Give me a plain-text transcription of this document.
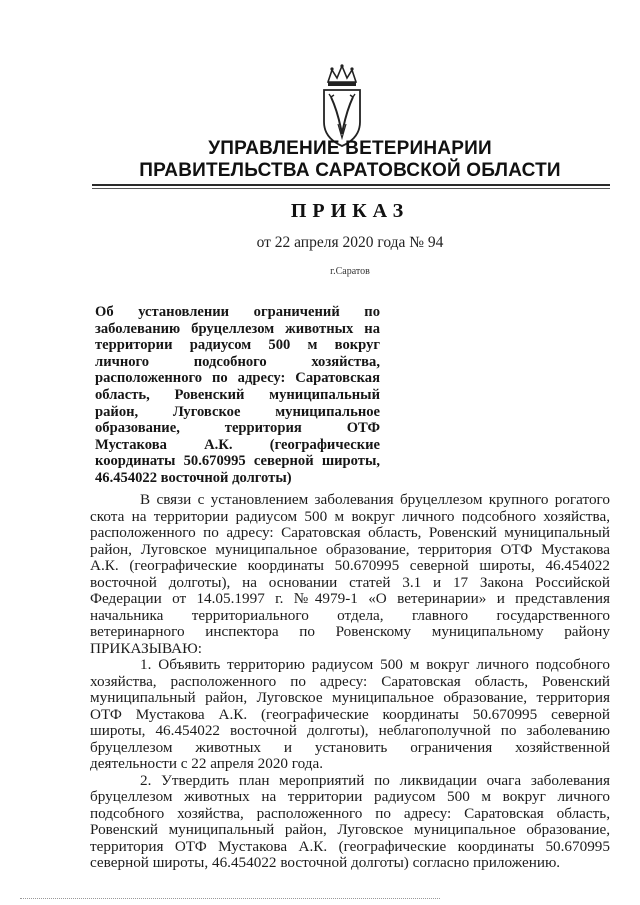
УПРАВЛЕНИЕ ВЕТЕРИНАРИИ
ПРАВИТЕЛЬСТВА САРАТОВСКОЙ ОБЛАСТИ
ПРИКАЗ
от 22 апреля 2020 года № 94
г.Саратов
Об установлении ограничений по
заболеванию бруцеллезом животных на
территории радиусом 500 м вокруг
личного подсобного хозяйства,
расположенного по адресу: Саратовская
область, Ровенский муниципальный
район, Луговское муниципальное
образование, территория ОТФ
Мустакова А.К. (географические
координаты 50.670995 северной широты,
46.454022 восточной долготы)
В связи с установлением заболевания бруцеллезом крупного рогатого
скота на территории радиусом 500 м вокруг личного подсобного хозяйства,
расположенного по адресу: Саратовская область, Ровенский муниципальный
район, Луговское муниципальное образование, территория ОТФ Мустакова
А.К. (географические координаты 50.670995 северной широты, 46.454022
восточной долготы), на основании статей 3.1 и 17 Закона Российской
Федерации от 14.05.1997 г. №4979-1 «О ветеринарии» и представления
начальника территориального отдела, главного государственного
ветеринарного инспектора по Ровенскому муниципальному району
ПРИКАЗЫВАЮ:
1. Объявить территорию радиусом 500 м вокруг личного подсобного
хозяйства, расположенного по адресу: Саратовская область, Ровенский
муниципальный район, Луговское муниципальное образование, территория
ОТФ Мустакова А.К. (географические координаты 50.670995 северной
широты, 46.454022 восточной долготы), неблагополучной по заболеванию
бруцеллезом животных и установить ограничения хозяйственной
деятельности с 22 апреля 2020 года.
2. Утвердить план мероприятий по ликвидации очага заболевания
бруцеллезом животных на территории радиусом 500 м вокруг личного
подсобного хозяйства, расположенного по адресу: Саратовская область,
Ровенский муниципальный район, Луговское муниципальное образование,
территория ОТФ Мустакова А.К. (географические координаты 50.670995
северной широты, 46.454022 восточной долготы) согласно приложению.
